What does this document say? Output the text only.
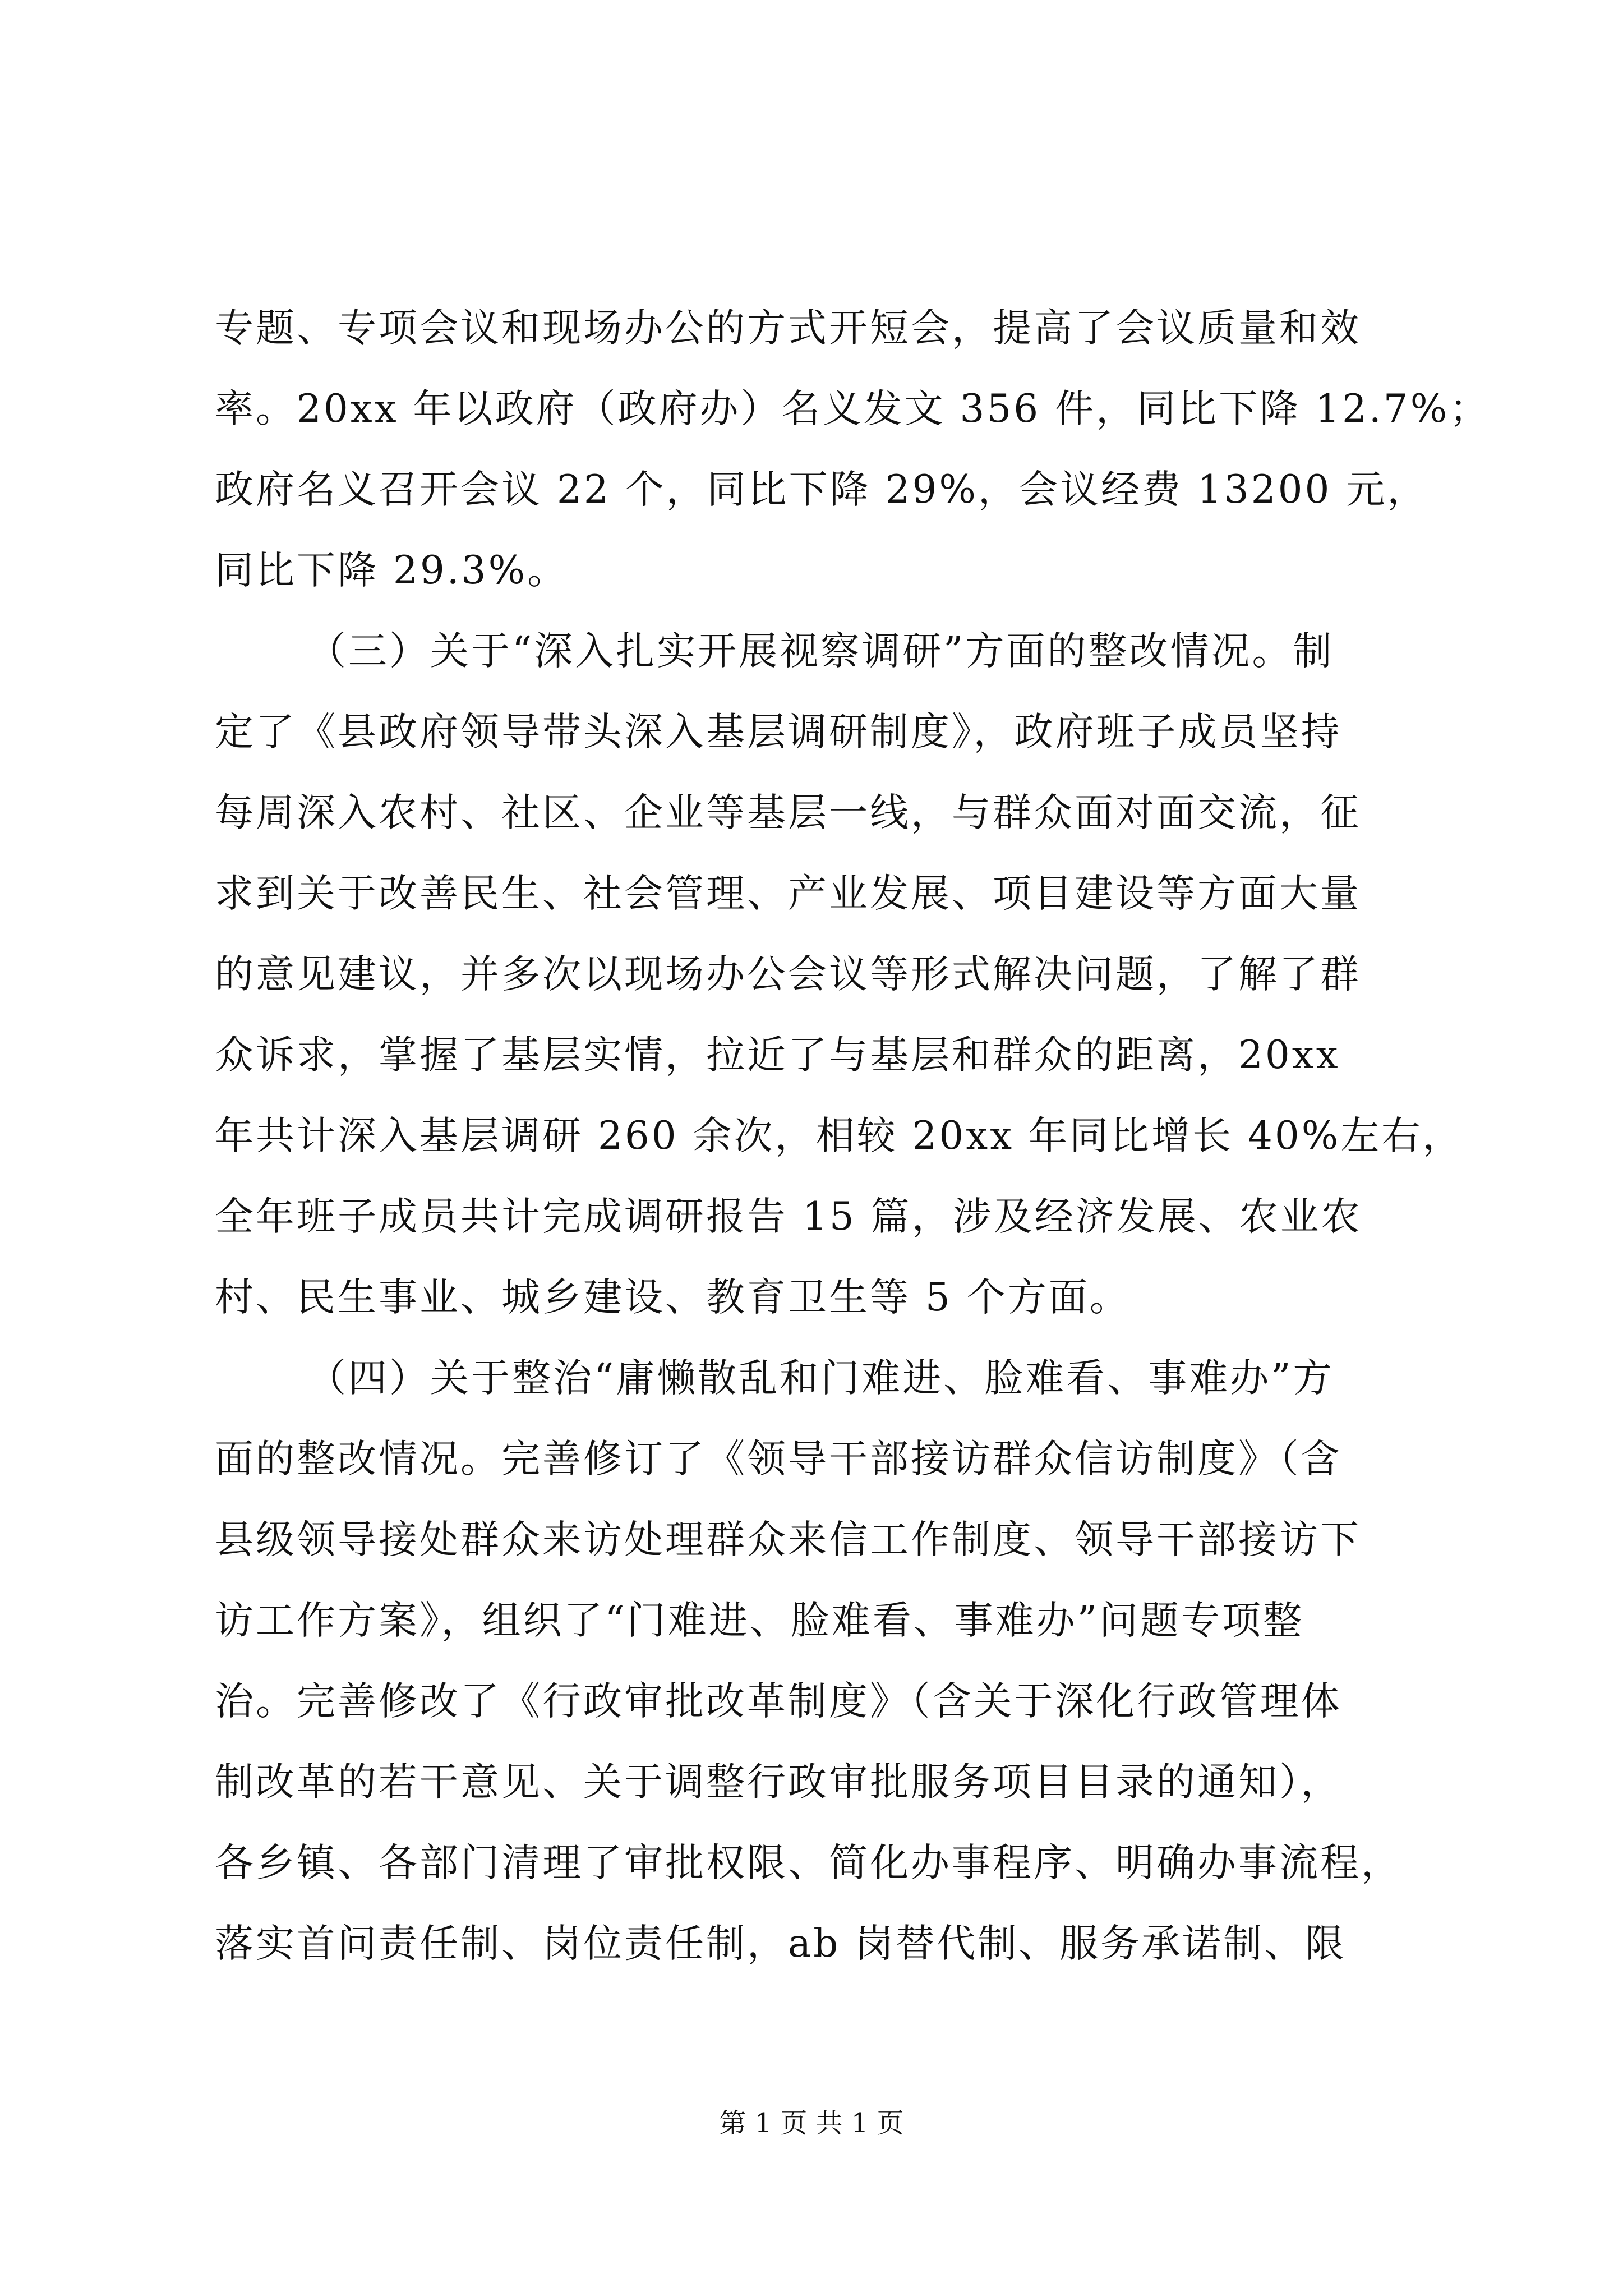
专题、专项会议和现场办公的方式开短会，提高了会议质量和效
率。20xx 年以政府（政府办）名义发文 356 件，同比下降 12.7%；
政府名义召开会议 22 个，同比下降 29%，会议经费 13200 元，
同比下降 29.3%。
（三）关于“深入扎实开展视察调研”方面的整改情况。制
定了《县政府领导带头深入基层调研制度》，政府班子成员坚持
每周深入农村、社区、企业等基层一线，与群众面对面交流，征
求到关于改善民生、社会管理、产业发展、项目建设等方面大量
的意见建议，并多次以现场办公会议等形式解决问题，了解了群
众诉求，掌握了基层实情，拉近了与基层和群众的距离，20xx
年共计深入基层调研 260 余次，相较 20xx 年同比增长 40%左右，
全年班子成员共计完成调研报告 15 篇，涉及经济发展、农业农
村、民生事业、城乡建设、教育卫生等 5 个方面。
（四）关于整治“庸懒散乱和门难进、脸难看、事难办”方
面的整改情况。完善修订了《领导干部接访群众信访制度》（含
县级领导接处群众来访处理群众来信工作制度、领导干部接访下
访工作方案》，组织了“门难进、脸难看、事难办”问题专项整
治。完善修改了《行政审批改革制度》（含关于深化行政管理体
制改革的若干意见、关于调整行政审批服务项目目录的通知），
各乡镇、各部门清理了审批权限、简化办事程序、明确办事流程，
落实首问责任制、岗位责任制，ab 岗替代制、服务承诺制、限
第 1 页 共 1 页
